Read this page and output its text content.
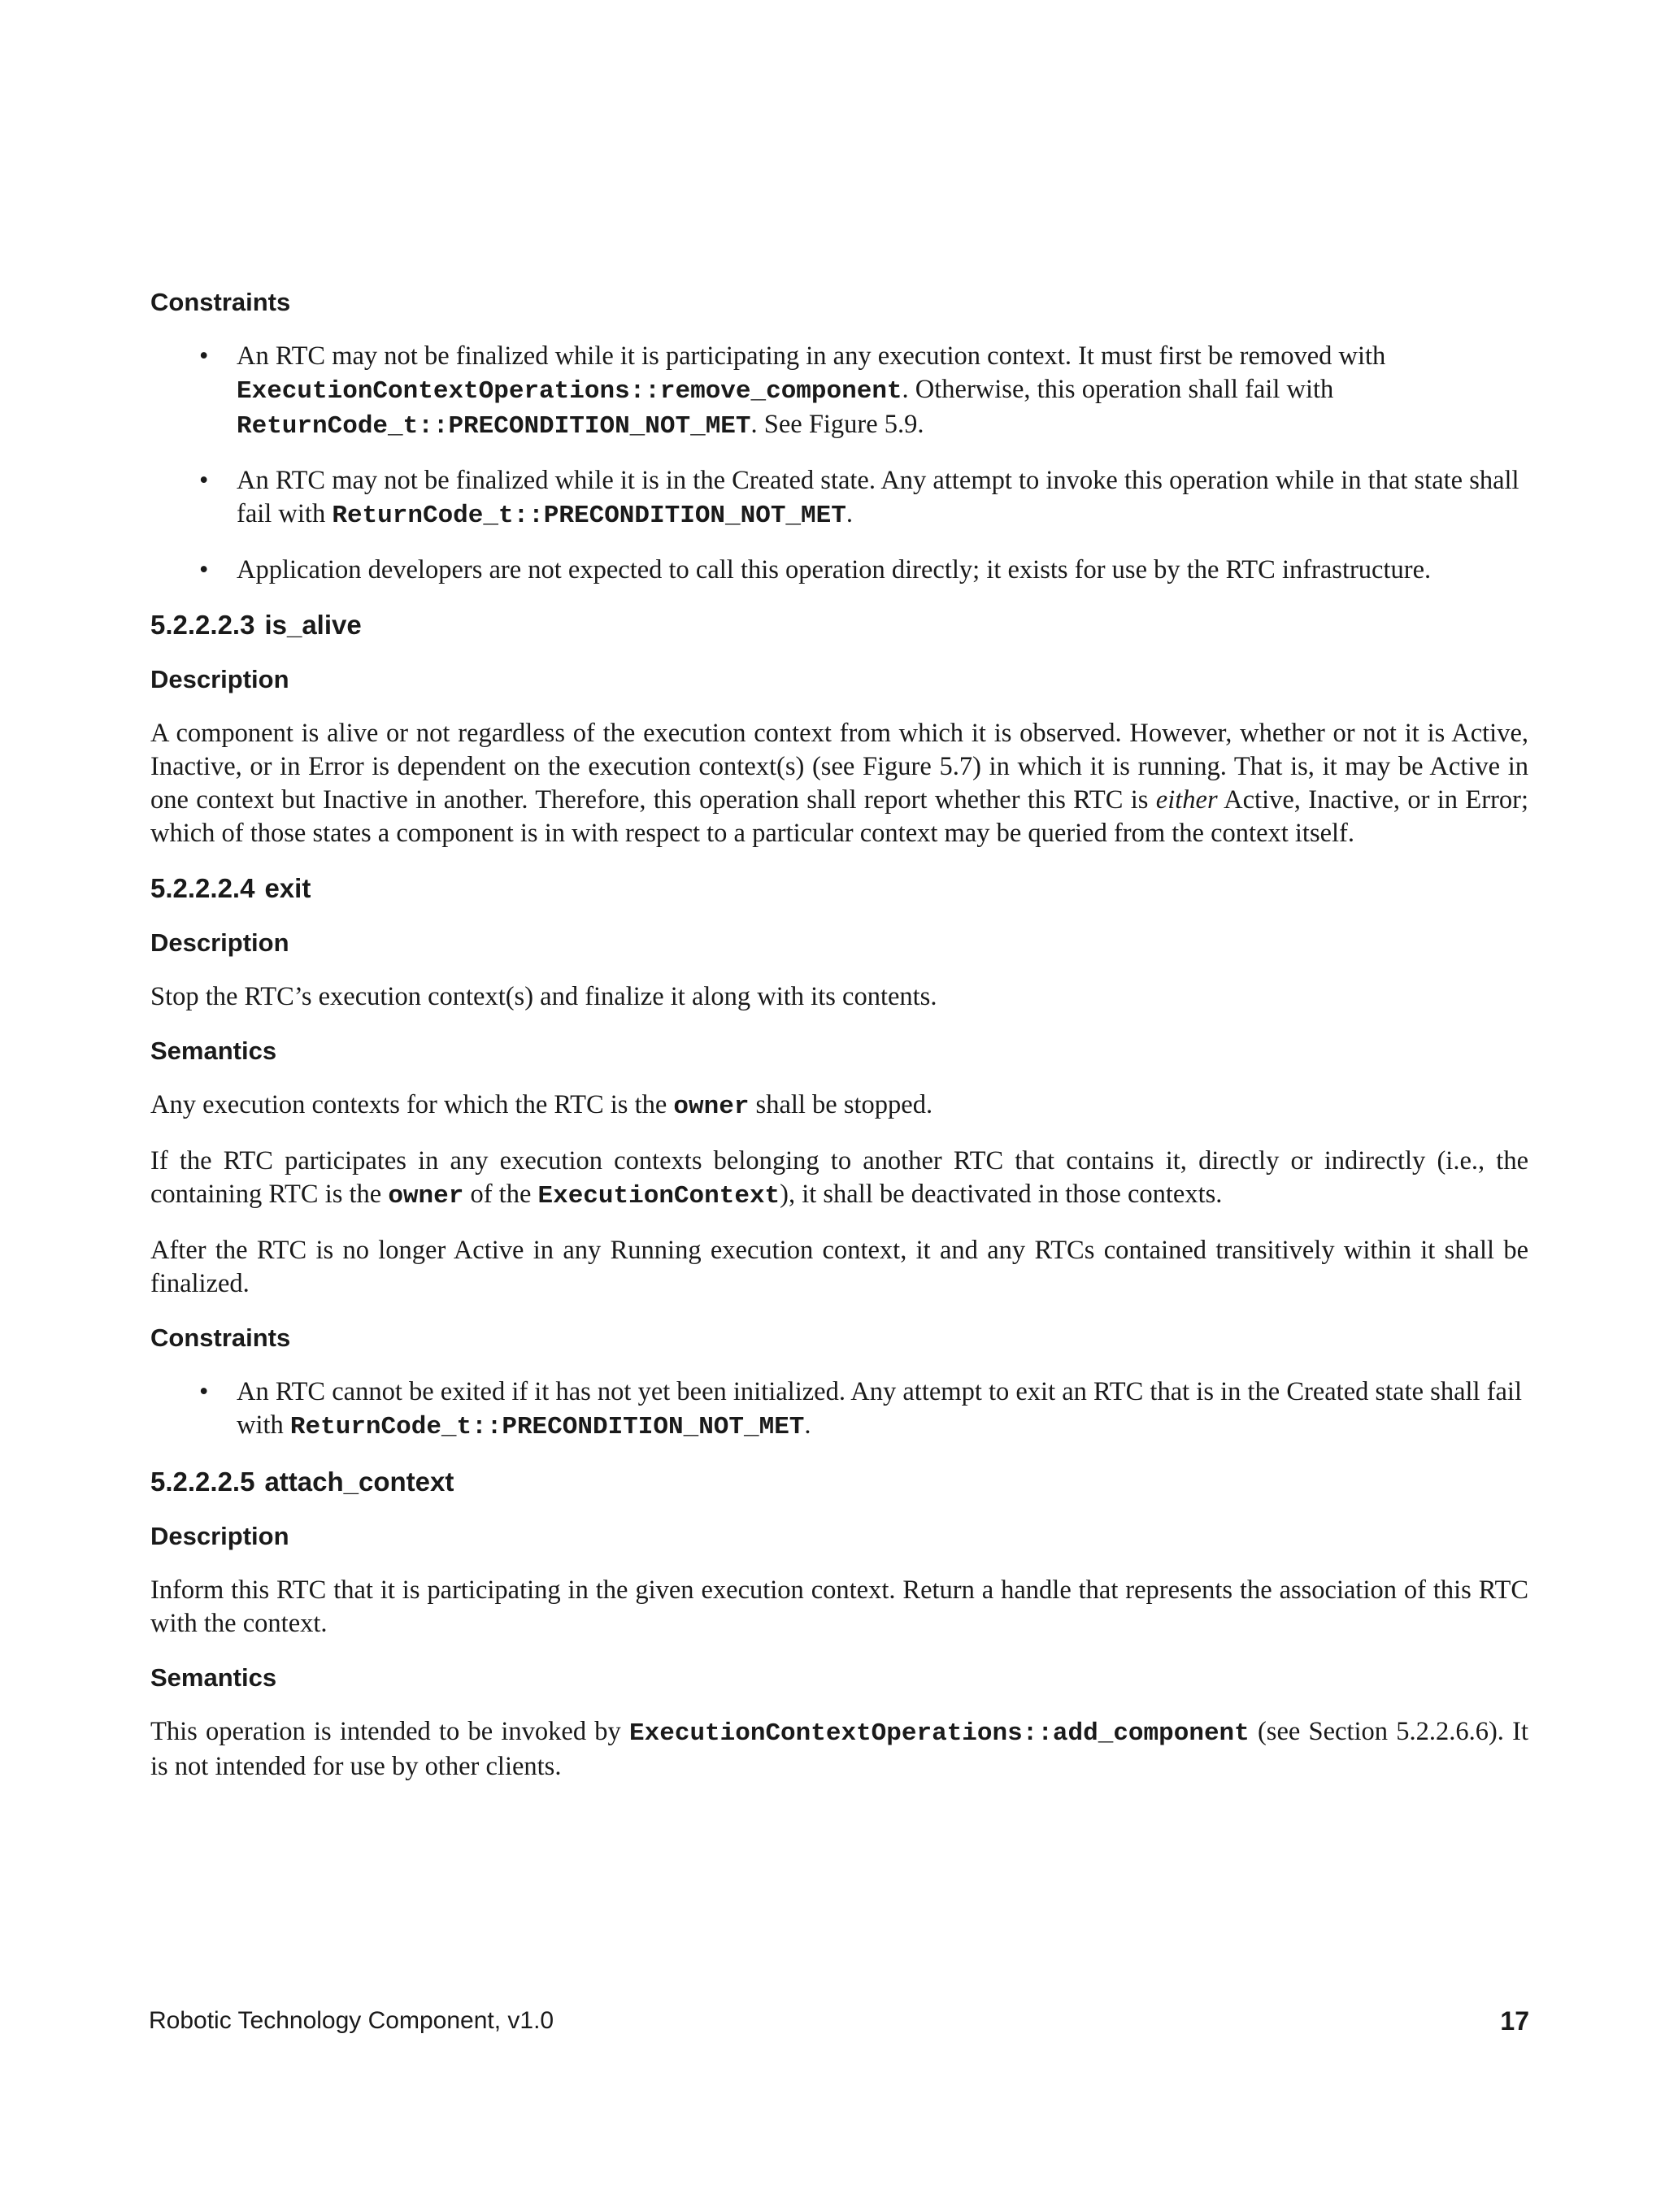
Constraints
• An RTC may not be finalized while it is participating in any execution context. It must first be removed with ExecutionContextOperations::remove_component. Otherwise, this operation shall fail with ReturnCode_t::PRECONDITION_NOT_MET. See Figure 5.9.
• An RTC may not be finalized while it is in the Created state. Any attempt to invoke this operation while in that state shall fail with ReturnCode_t::PRECONDITION_NOT_MET.
• Application developers are not expected to call this operation directly; it exists for use by the RTC infrastructure.
5.2.2.2.3 is_alive
Description

A component is alive or not regardless of the execution context from which it is observed. However, whether or not it is Active, Inactive, or in Error is dependent on the execution context(s) (see Figure 5.7) in which it is running. That is, it may be Active in one context but Inactive in another. Therefore, this operation shall report whether this RTC is either Active, Inactive, or in Error; which of those states a component is in with respect to a particular context may be queried from the context itself.

5.2.2.2.4 exit
Description

Stop the RTC’s execution context(s) and finalize it along with its contents.

Semantics

Any execution contexts for which the RTC is the owner shall be stopped.

If the RTC participates in any execution contexts belonging to another RTC that contains it, directly or indirectly (i.e., the containing RTC is the owner of the ExecutionContext), it shall be deactivated in those contexts.

After the RTC is no longer Active in any Running execution context, it and any RTCs contained transitively within it shall be finalized.

Constraints
• An RTC cannot be exited if it has not yet been initialized. Any attempt to exit an RTC that is in the Created state shall fail with ReturnCode_t::PRECONDITION_NOT_MET.
5.2.2.2.5 attach_context
Description

Inform this RTC that it is participating in the given execution context. Return a handle that represents the association of this RTC with the context.

Semantics

This operation is intended to be invoked by ExecutionContextOperations::add_component (see Section 5.2.2.6.6). It is not intended for use by other clients.

Robotic Technology Component, v1.0	17
